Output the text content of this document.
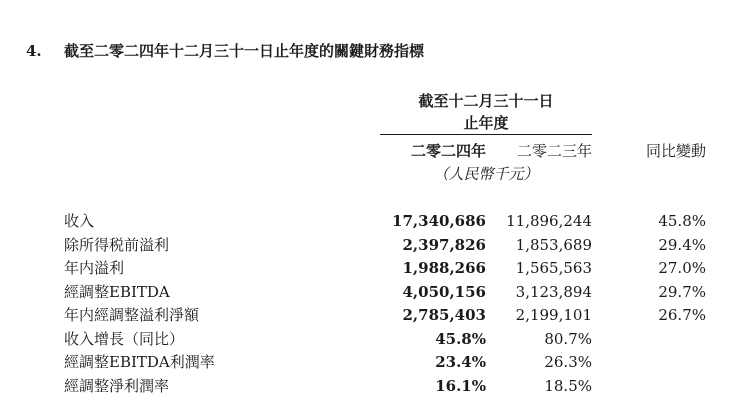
4. 截至二零二四年十二月三十一日止年度的關鍵財務指標
截至十二月三十一日
止年度
二零二四年	二零二三年	同比變動
（人民幣千元）
收入	17,340,686	11,896,244	45.8%
除所得税前溢利	2,397,826	1,853,689	29.4%
年内溢利	1,988,266	1,565,563	27.0%
經調整EBITDA	4,050,156	3,123,894	29.7%
年内經調整溢利淨額	2,785,403	2,199,101	26.7%
收入增長（同比）	45.8%	80.7%
經調整EBITDA利潤率	23.4%	26.3%
經調整淨利潤率	16.1%	18.5%
